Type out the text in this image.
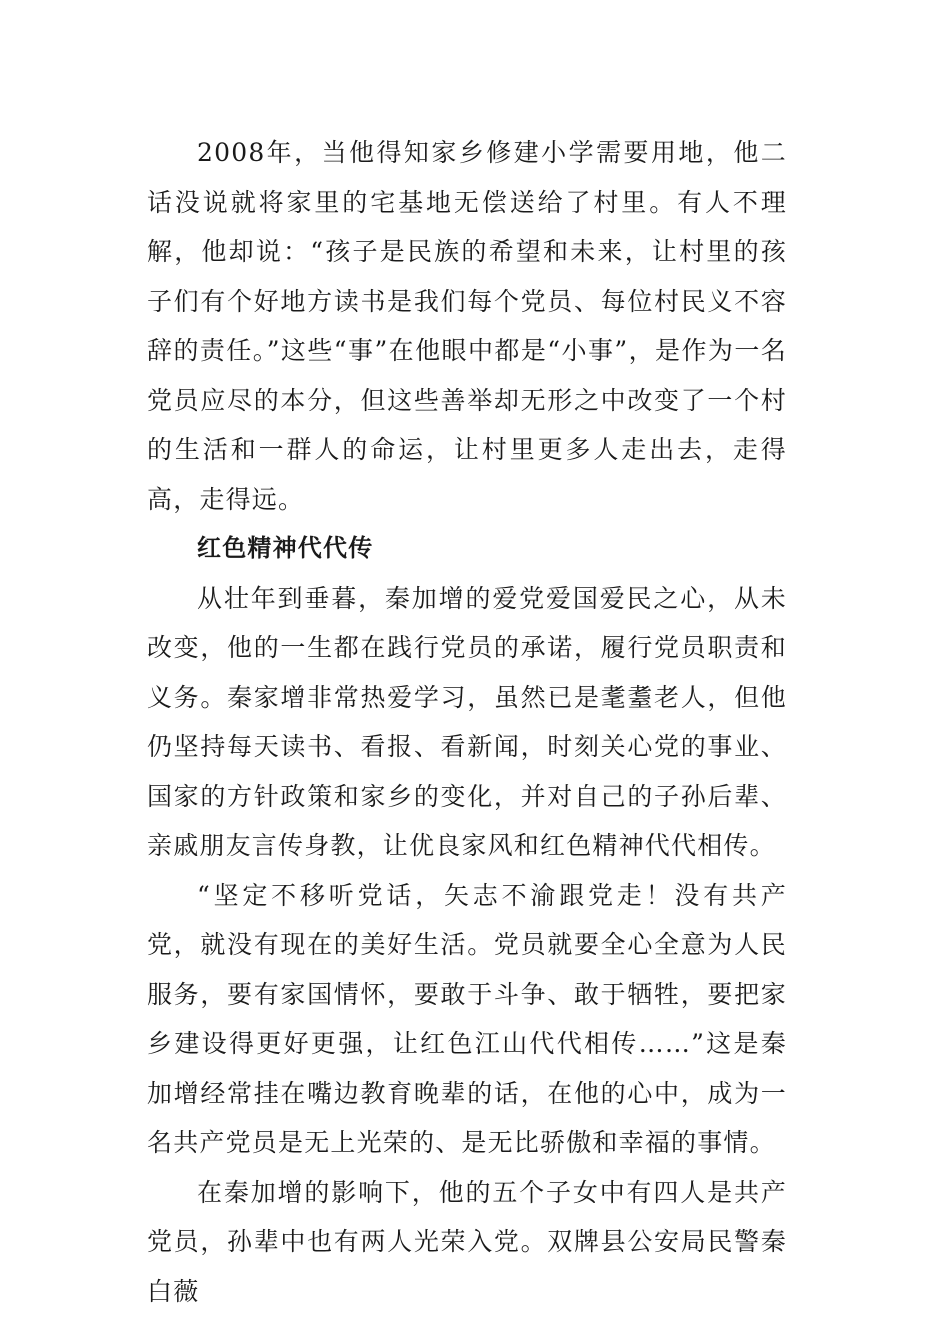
2008年，当他得知家乡修建小学需要用地，他二话没说就将家里的宅基地无偿送给了村里。有人不理解，他却说：“孩子是民族的希望和未来，让村里的孩子们有个好地方读书是我们每个党员、每位村民义不容辞的责任。”这些“事”在他眼中都是“小事”，是作为一名党员应尽的本分，但这些善举却无形之中改变了一个村的生活和一群人的命运，让村里更多人走出去，走得高，走得远。

红色精神代代传

从壮年到垂暮，秦加增的爱党爱国爱民之心，从未改变，他的一生都在践行党员的承诺，履行党员职责和义务。秦家增非常热爱学习，虽然已是耄耋老人，但他仍坚持每天读书、看报、看新闻，时刻关心党的事业、国家的方针政策和家乡的变化，并对自己的子孙后辈、亲戚朋友言传身教，让优良家风和红色精神代代相传。

“坚定不移听党话，矢志不渝跟党走！没有共产党，就没有现在的美好生活。党员就要全心全意为人民服务，要有家国情怀，要敢于斗争、敢于牺牲，要把家乡建设得更好更强，让红色江山代代相传……”这是秦加增经常挂在嘴边教育晚辈的话，在他的心中，成为一名共产党员是无上光荣的、是无比骄傲和幸福的事情。

在秦加增的影响下，他的五个子女中有四人是共产党员，孙辈中也有两人光荣入党。双牌县公安局民警秦白薇
